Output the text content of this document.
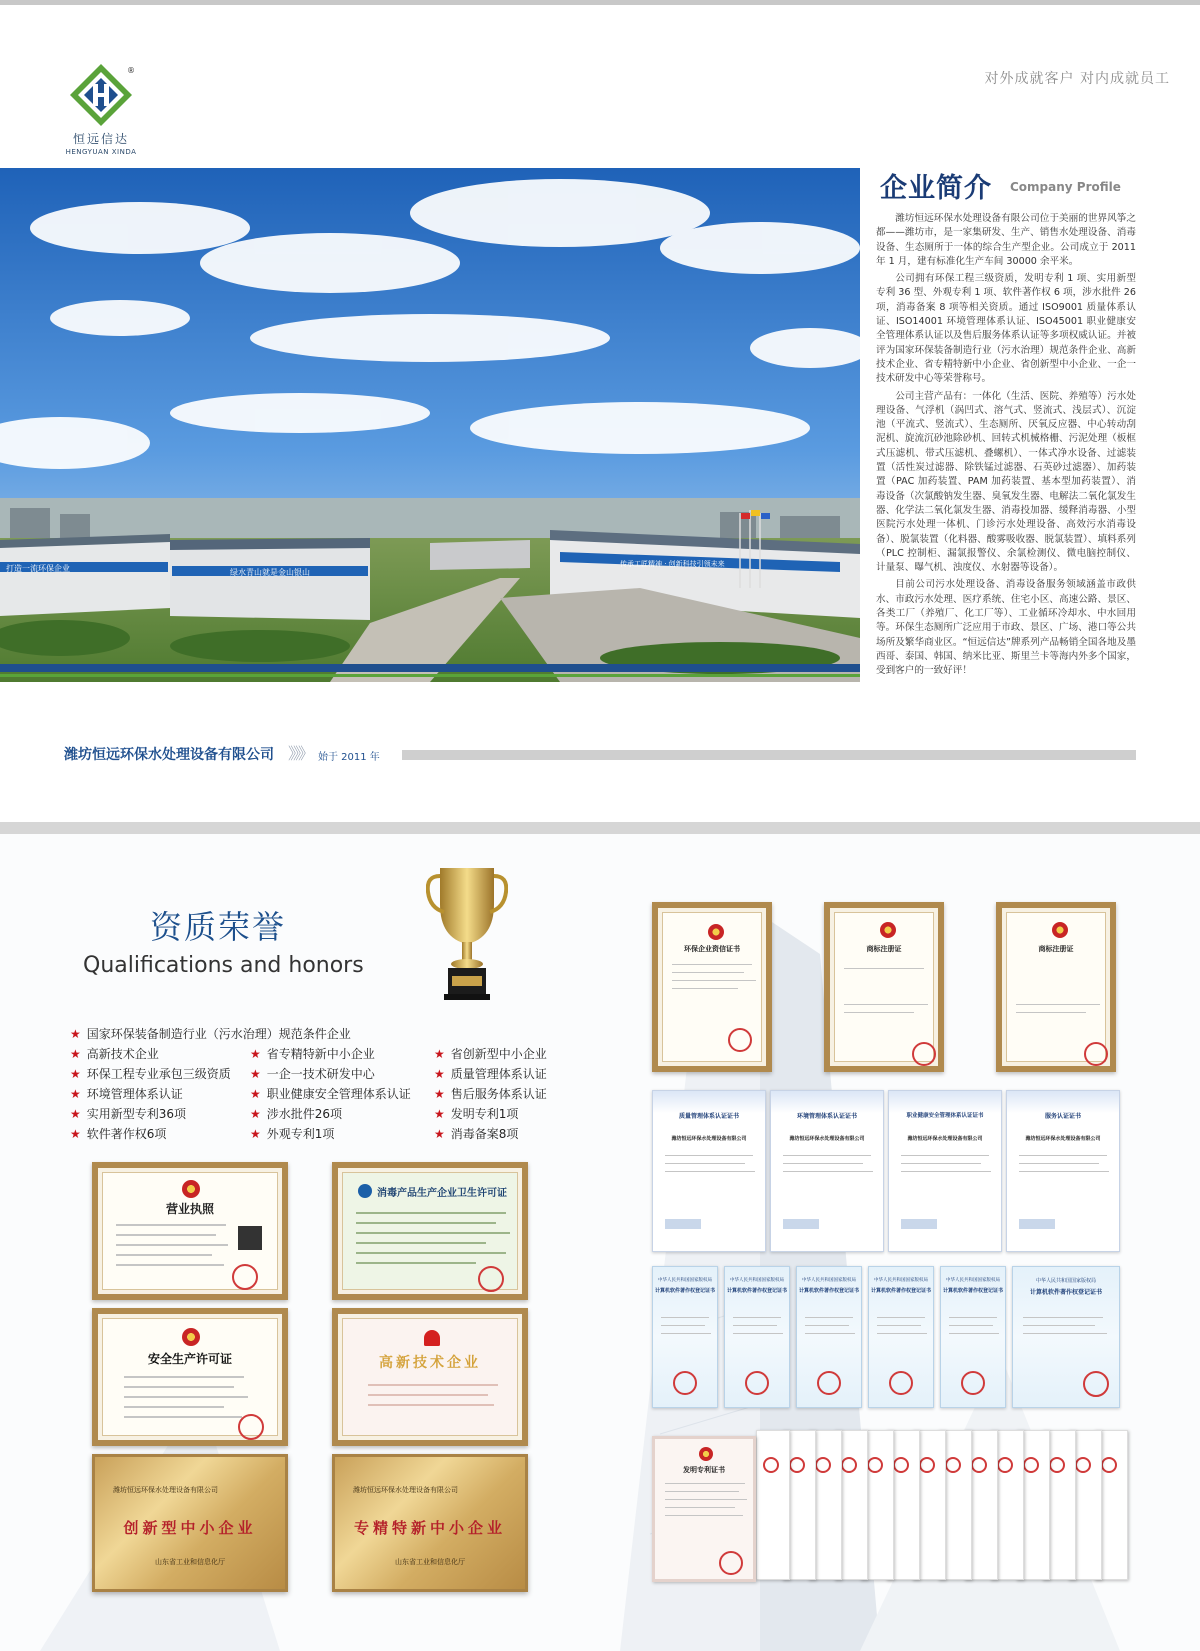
®
恒远信达
HENGYUAN XINDA
对外成就客户 对内成就员工
打造一流环保企业	绿水青山就是金山银山
传承工匠精神 · 创新科技引领未来
企业简介 Company Profile

潍坊恒远环保水处理设备有限公司位于美丽的世界风筝之都——潍坊市，是一家集研发、生产、销售水处理设备、消毒设备、生态厕所于一体的综合生产型企业。公司成立于 2011 年 1 月，建有标准化生产车间 30000 余平米。

公司拥有环保工程三级资质，发明专利 1 项、实用新型专利 36 型、外观专利 1 项、软件著作权 6 项，涉水批件 26 项，消毒备案 8 项等相关资质。通过 ISO9001 质量体系认证、ISO14001 环境管理体系认证、ISO45001 职业健康安全管理体系认证以及售后服务体系认证等多项权威认证。并被评为国家环保装备制造行业（污水治理）规范条件企业、高新技术企业、省专精特新中小企业、省创新型中小企业、一企一技术研发中心等荣誉称号。

公司主营产品有：一体化（生活、医院、养殖等）污水处理设备、气浮机（涡凹式、溶气式、竖流式、浅层式）、沉淀池（平流式、竖流式）、生态厕所、厌氧反应器、中心转动刮泥机、旋流沉砂池除砂机、回转式机械格栅、污泥处理（板框式压滤机、带式压滤机、叠螺机）、一体式净水设备、过滤装置（活性炭过滤器、除铁锰过滤器、石英砂过滤器）、加药装置（PAC 加药装置、PAM 加药装置、基本型加药装置）、消毒设备（次氯酸钠发生器、臭氧发生器、电解法二氧化氯发生器、化学法二氧化氯发生器、消毒投加器、缓释消毒器、小型医院污水处理一体机、门诊污水处理设备、高效污水消毒设备）、脱氯装置（化料器、酸雾吸收器、脱氯装置）、填料系列（PLC 控制柜、漏氯报警仪、余氯检测仪、微电脑控制仪、计量泵、曝气机、浊度仪、水射器等设备）。

目前公司污水处理设备、消毒设备服务领域涵盖市政供水、市政污水处理、医疗系统、住宅小区、高速公路、景区、各类工厂（养殖厂、化工厂等）、工业循环冷却水、中水回用等。环保生态厕所广泛应用于市政、景区、广场、港口等公共场所及繁华商业区。“恒远信达”牌系列产品畅销全国各地及墨西哥、泰国、韩国、纳米比亚、斯里兰卡等海内外多个国家，受到客户的一致好评！

潍坊恒远环保水处理设备有限公司 》》》 始于 2011 年
资质荣誉
Qualifications and honors
★ 国家环保装备制造行业（污水治理）规范条件企业
★ 高新技术企业
★ 环保工程专业承包三级资质
★ 环境管理体系认证
★ 实用新型专利36项
★ 软件著作权6项
★ 省专精特新中小企业
★ 一企一技术研发中心
★ 职业健康安全管理体系认证
★ 涉水批件26项
★ 外观专利1项
★ 省创新型中小企业
★ 质量管理体系认证
★ 售后服务体系认证
★ 发明专利1项
★ 消毒备案8项
营业执照
消毒产品生产企业卫生许可证
安全生产许可证	高新技术企业
潍坊恒远环保水处理设备有限公司
创新型中小企业
山东省工业和信息化厅
潍坊恒远环保水处理设备有限公司
专精特新中小企业
山东省工业和信息化厅
环保企业资信证书	商标注册证	商标注册证
质量管理体系认证证书
潍坊恒远环保水处理设备有限公司
环境管理体系认证证书
潍坊恒远环保水处理设备有限公司
职业健康安全管理体系认证证书
潍坊恒远环保水处理设备有限公司
服务认证证书
潍坊恒远环保水处理设备有限公司
中华人民共和国国家版权局
计算机软件著作权登记证书
中华人民共和国国家版权局
计算机软件著作权登记证书
中华人民共和国国家版权局
计算机软件著作权登记证书
中华人民共和国国家版权局
计算机软件著作权登记证书
中华人民共和国国家版权局
计算机软件著作权登记证书
中华人民共和国国家版权局
计算机软件著作权登记证书
发明专利证书
